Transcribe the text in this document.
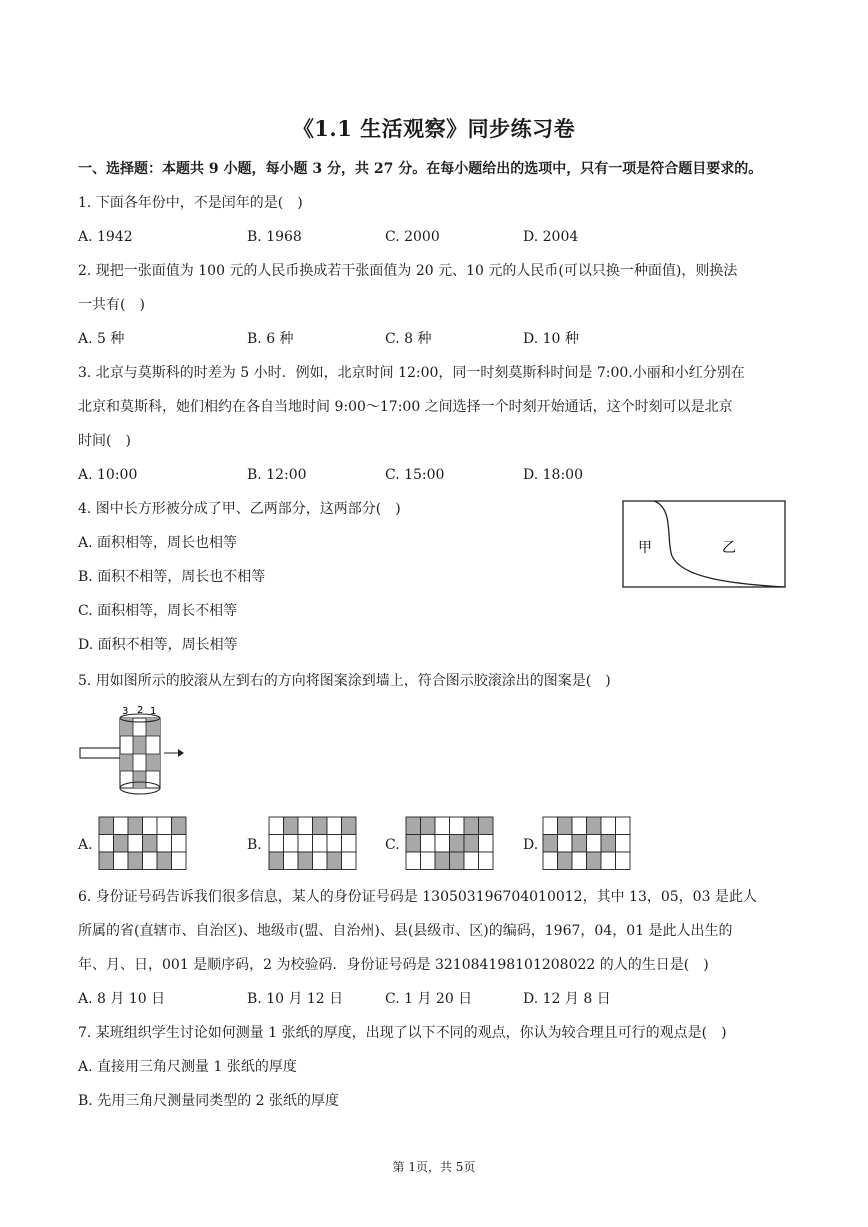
《1.1 生活观察》同步练习卷
一、选择题：本题共 9 小题，每小题 3 分，共 27 分。在每小题给出的选项中，只有一项是符合题目要求的。
1. 下面各年份中，不是闰年的是(　)
A. 1942	B. 1968	C. 2000	D. 2004
2. 现把一张面值为 100 元的人民币换成若干张面值为 20 元、10 元的人民币(可以只换一种面值)，则换法
一共有(　)
A. 5 种	B. 6 种	C. 8 种	D. 10 种
3. 北京与莫斯科的时差为 5 小时．例如，北京时间 12:00，同一时刻莫斯科时间是 7:00.小丽和小红分别在
北京和莫斯科，她们相约在各自当地时间 9:00～17:00 之间选择一个时刻开始通话，这个时刻可以是北京
时间(　)
A. 10:00	B. 12:00	C. 15:00	D. 18:00
4. 图中长方形被分成了甲、乙两部分，这两部分(　)
A. 面积相等，周长也相等
B. 面积不相等，周长也不相等
C. 面积相等，周长不相等
D. 面积不相等，周长相等
甲	乙
5. 用如图所示的胶滚从左到右的方向将图案涂到墙上，符合图示胶滚涂出的图案是(　)
3 2 1
A.	B.	C.	D.
6. 身份证号码告诉我们很多信息，某人的身份证号码是 130503196704010012，其中 13，05，03 是此人
所属的省(直辖市、自治区)、地级市(盟、自治州)、县(县级市、区)的编码，1967，04，01 是此人出生的
年、月、日，001 是顺序码，2 为校验码．身份证号码是 321084198101208022 的人的生日是(　)
A. 8 月 10 日	B. 10 月 12 日	C. 1 月 20 日	D. 12 月 8 日
7. 某班组织学生讨论如何测量 1 张纸的厚度，出现了以下不同的观点，你认为较合理且可行的观点是(　)
A. 直接用三角尺测量 1 张纸的厚度
B. 先用三角尺测量同类型的 2 张纸的厚度
第 1页，共 5页
